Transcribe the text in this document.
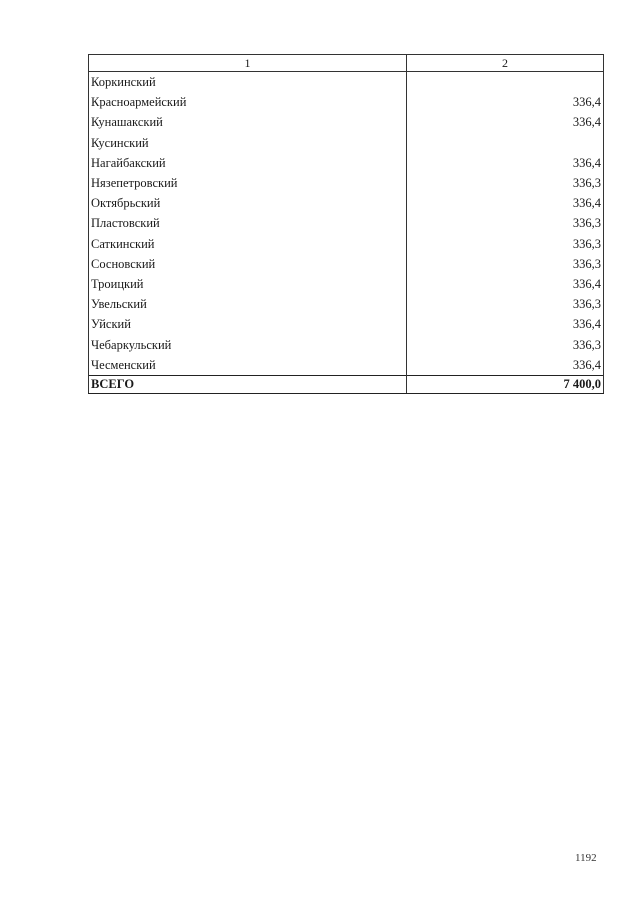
1	2
Коркинский	
Красноармейский	336,4
Кунашакский	336,4
Кусинский	
Нагайбакский	336,4
Нязепетровский	336,3
Октябрьский	336,4
Пластовский	336,3
Саткинский	336,3
Сосновский	336,3
Троицкий	336,4
Увельский	336,3
Уйский	336,4
Чебаркульский	336,3
Чесменский	336,4
ВСЕГО	7 400,0
1192
